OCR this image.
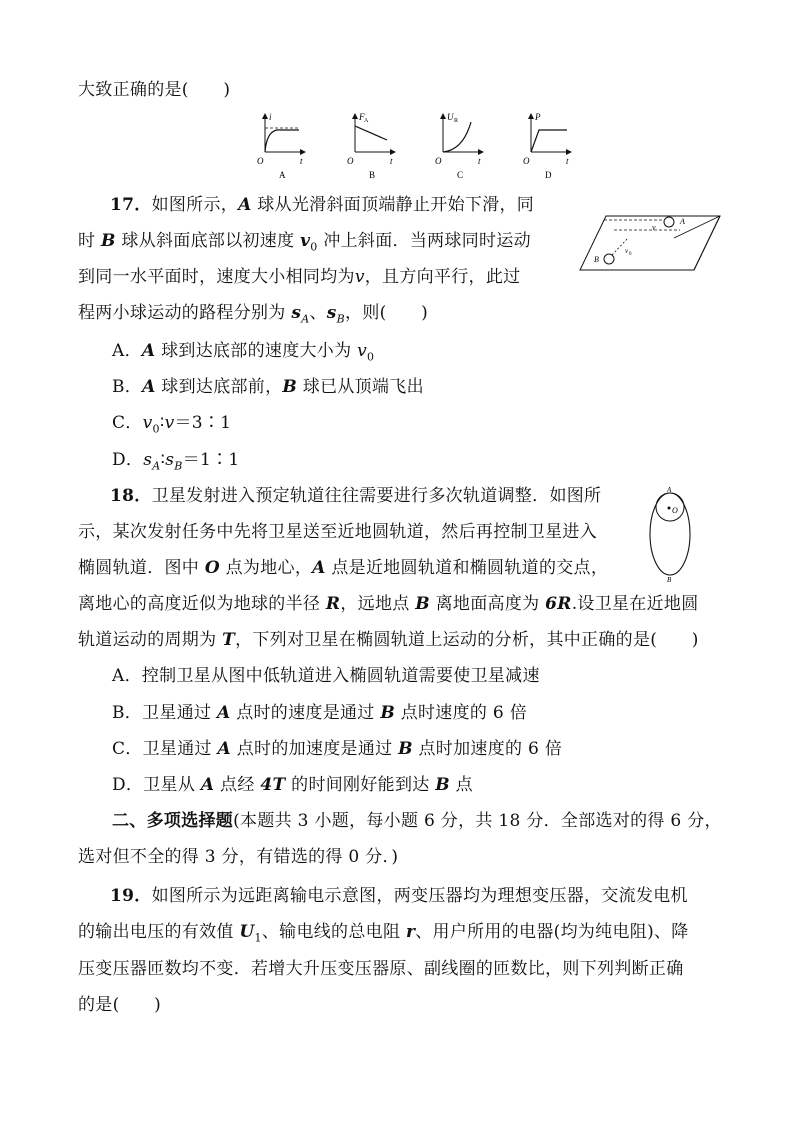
大致正确的是(　　)
i
t
O
A
F A
t
O
B
U R
t
O
C
P
t
O
D
17．如图所示，A 球从光滑斜面顶端静止开始下滑，同
时 B 球从斜面底部以初速度 $v_0$ 冲上斜面．当两球同时运动
到同一水平面时，速度大小相同均为v，且方向平行，此过
程两小球运动的路程分别为 $s_A$、$s_B$，则(　　)
v
v 0
A
B
A．A 球到达底部的速度大小为 $v_0$
B．A 球到达底部前，B 球已从顶端飞出
C．$v_0∶v=3∶1$
D．$s_A∶s_B=1∶1$
18．卫星发射进入预定轨道往往需要进行多次轨道调整．如图所
示，某次发射任务中先将卫星送至近地圆轨道，然后再控制卫星进入
椭圆轨道．图中 O 点为地心，A 点是近地圆轨道和椭圆轨道的交点，
离地心的高度近似为地球的半径 R，远地点 B 离地面高度为 6R.设卫星在近地圆
轨道运动的周期为 T，下列对卫星在椭圆轨道上运动的分析，其中正确的是(　　)
A
O
B
A．控制卫星从图中低轨道进入椭圆轨道需要使卫星减速
B．卫星通过 A 点时的速度是通过 B 点时速度的 6 倍
C．卫星通过 A 点时的加速度是通过 B 点时加速度的 6 倍
D．卫星从 A 点经 4T 的时间刚好能到达 B 点
二、多项选择题(本题共 3 小题，每小题 6 分，共 18 分．全部选对的得 6 分，
选对但不全的得 3 分，有错选的得 0 分．)
19．如图所示为远距离输电示意图，两变压器均为理想变压器，交流发电机
的输出电压的有效值 $U_1$、输电线的总电阻 r、用户所用的电器(均为纯电阻)、降
压变压器匝数均不变．若增大升压变压器原、副线圈的匝数比，则下列判断正确
的是(　　)
